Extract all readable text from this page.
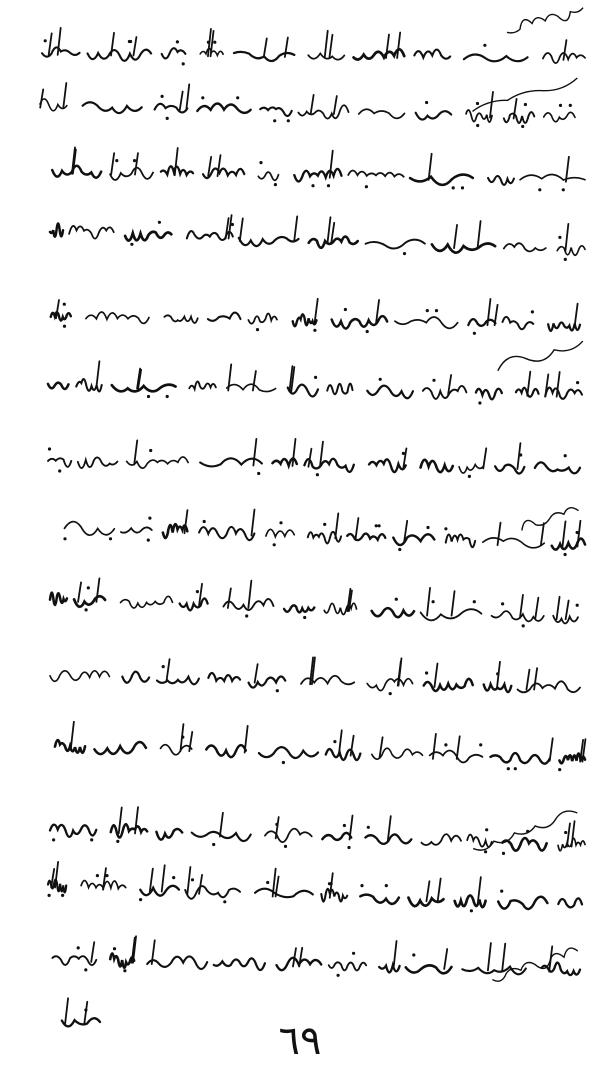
٦٩
